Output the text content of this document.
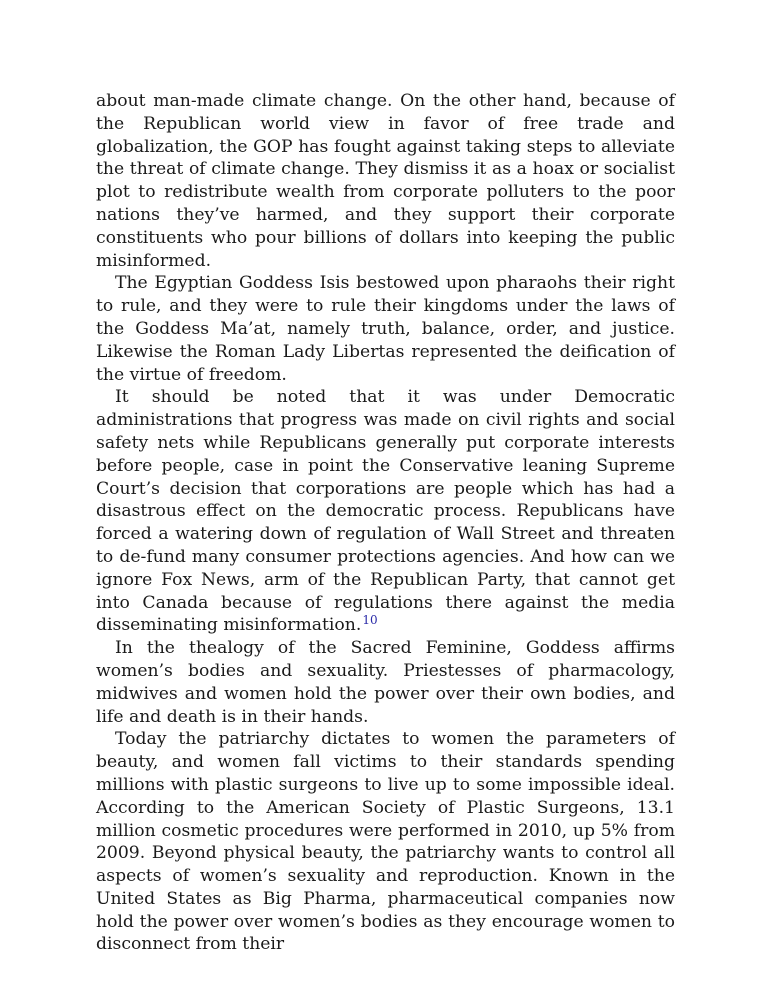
about man-made climate change. On the other hand, because of the Republican world view in favor of free trade and globalization, the GOP has fought against taking steps to alleviate the threat of climate change. They dismiss it as a hoax or socialist plot to redistribute wealth from corporate polluters to the poor nations they’ve harmed, and they support their corporate constituents who pour billions of dollars into keeping the public misinformed.

The Egyptian Goddess Isis bestowed upon pharaohs their right to rule, and they were to rule their kingdoms under the laws of the Goddess Ma’at, namely truth, balance, order, and justice. Likewise the Roman Lady Libertas represented the deification of the virtue of freedom.

It should be noted that it was under Democratic administrations that progress was made on civil rights and social safety nets while Republicans generally put corporate interests before people, case in point the Conservative leaning Supreme Court’s decision that corporations are people which has had a disastrous effect on the democratic process. Republicans have forced a watering down of regulation of Wall Street and threaten to de-fund many consumer protections agencies. And how can we ignore Fox News, arm of the Republican Party, that cannot get into Canada because of regulations there against the media disseminating misinformation.$^{10}$

In the thealogy of the Sacred Feminine, Goddess affirms women’s bodies and sexuality. Priestesses of pharmacology, midwives and women hold the power over their own bodies, and life and death is in their hands.

Today the patriarchy dictates to women the parameters of beauty, and women fall victims to their standards spending millions with plastic surgeons to live up to some impossible ideal. According to the American Society of Plastic Surgeons, 13.1 million cosmetic procedures were performed in 2010, up 5% from 2009. Beyond physical beauty, the patriarchy wants to control all aspects of women’s sexuality and reproduction. Known in the United States as Big Pharma, pharmaceutical companies now hold the power over women’s bodies as they encourage women to disconnect from their
